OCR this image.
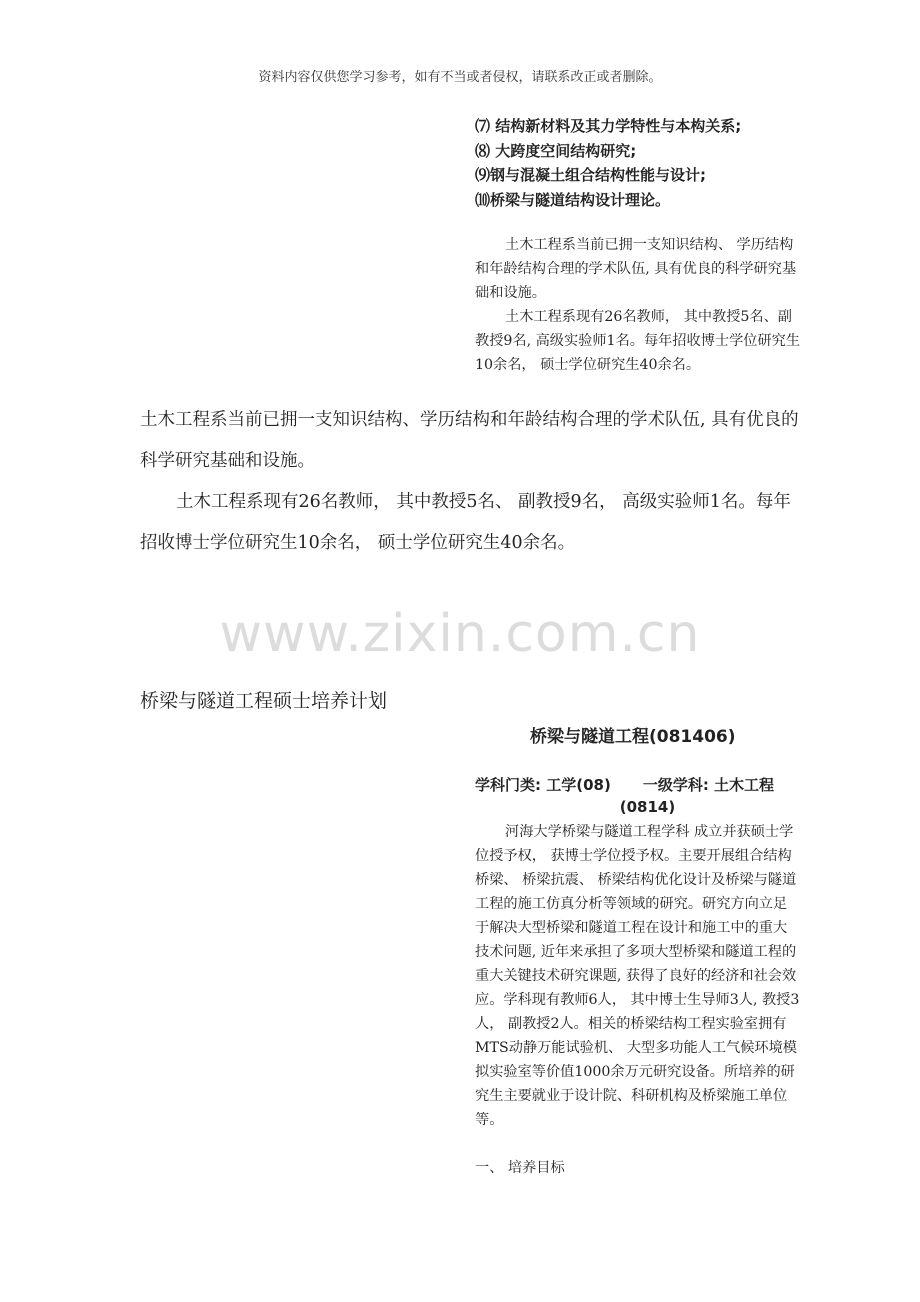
资料内容仅供您学习参考，如有不当或者侵权，请联系改正或者删除。
⑺ 结构新材料及其力学特性与本构关系;
⑻ 大跨度空间结构研究;
⑼钢与混凝土组合结构性能与设计;
⑽桥梁与隧道结构设计理论。
土木工程系当前已拥一支知识结构、 学历结构和年龄结构合理的学术队伍, 具有优良的科学研究基础和设施。
土木工程系现有26名教师， 其中教授5名、副教授9名, 高级实验师1名。每年招收博士学位研究生10余名， 硕士学位研究生40余名。
土木工程系当前已拥一支知识结构、学历结构和年龄结构合理的学术队伍, 具有优良的科学研究基础和设施。
土木工程系现有26名教师， 其中教授5名、 副教授9名， 高级实验师1名。每年招收博士学位研究生10余名， 硕士学位研究生40余名。
www.zixin.com.cn
桥梁与隧道工程硕士培养计划
桥梁与隧道工程(081406)
学科门类: 工学(08) 一级学科: 土木工程
(0814)
河海大学桥梁与隧道工程学科 成立并获硕士学位授予权， 获博士学位授予权。主要开展组合结构桥梁、 桥梁抗震、 桥梁结构优化设计及桥梁与隧道工程的施工仿真分析等领域的研究。研究方向立足于解决大型桥梁和隧道工程在设计和施工中的重大技术问题, 近年来承担了多项大型桥梁和隧道工程的重大关键技术研究课题, 获得了良好的经济和社会效应。学科现有教师6人， 其中博士生导师3人, 教授3人， 副教授2人。相关的桥梁结构工程实验室拥有MTS动静万能试验机、 大型多功能人工气候环境模拟实验室等价值1000余万元研究设备。所培养的研究生主要就业于设计院、科研机构及桥梁施工单位等。
一、 培养目标
